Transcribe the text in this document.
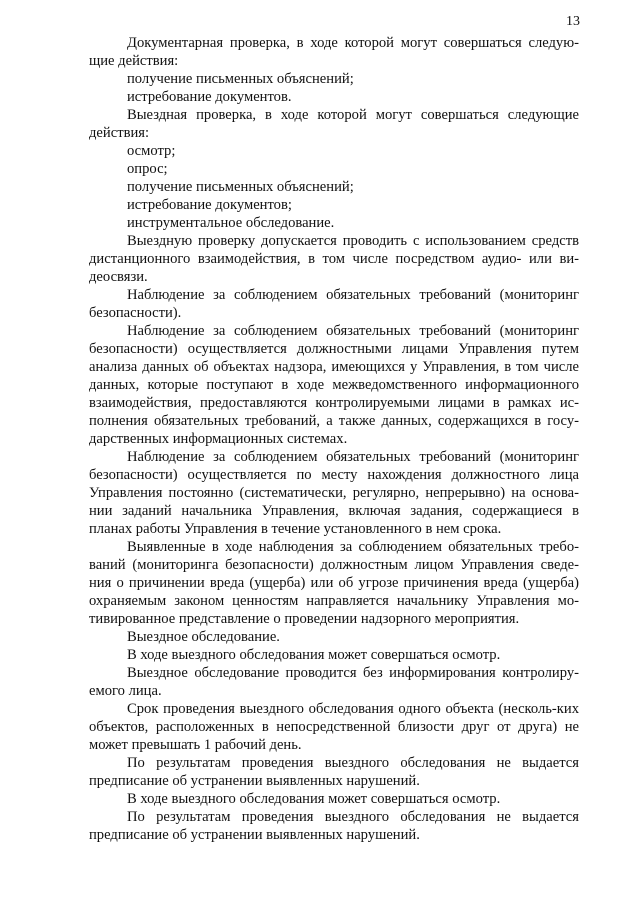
13

Документарная проверка, в ходе которой могут совершаться следую-щие действия:

получение письменных объяснений;

истребование документов.

Выездная проверка, в ходе которой могут совершаться следующие действия:

осмотр;

опрос;

получение письменных объяснений;

истребование документов;

инструментальное обследование.

Выездную проверку допускается проводить с использованием средств дистанционного взаимодействия, в том числе посредством аудио- или ви-деосвязи.

Наблюдение за соблюдением обязательных требований (мониторинг безопасности).

Наблюдение за соблюдением обязательных требований (мониторинг безопасности) осуществляется должностными лицами Управления путем анализа данных об объектах надзора, имеющихся у Управления, в том числе данных, которые поступают в ходе межведомственного информационного взаимодействия, предоставляются контролируемыми лицами в рамках ис-полнения обязательных требований, а также данных, содержащихся в госу-дарственных информационных системах.

Наблюдение за соблюдением обязательных требований (мониторинг безопасности) осуществляется по месту нахождения должностного лица Управления постоянно (систематически, регулярно, непрерывно) на основа-нии заданий начальника Управления, включая задания, содержащиеся в планах работы Управления в течение установленного в нем срока.

Выявленные в ходе наблюдения за соблюдением обязательных требо-ваний (мониторинга безопасности) должностным лицом Управления сведе-ния о причинении вреда (ущерба) или об угрозе причинения вреда (ущерба) охраняемым законом ценностям направляется начальнику Управления мо-тивированное представление о проведении надзорного мероприятия.

Выездное обследование.

В ходе выездного обследования может совершаться осмотр.

Выездное обследование проводится без информирования контролиру-емого лица.

Срок проведения выездного обследования одного объекта (несколь-ких объектов, расположенных в непосредственной близости друг от друга) не может превышать 1 рабочий день.

По результатам проведения выездного обследования не выдается предписание об устранении выявленных нарушений.

В ходе выездного обследования может совершаться осмотр.

По результатам проведения выездного обследования не выдается предписание об устранении выявленных нарушений.
